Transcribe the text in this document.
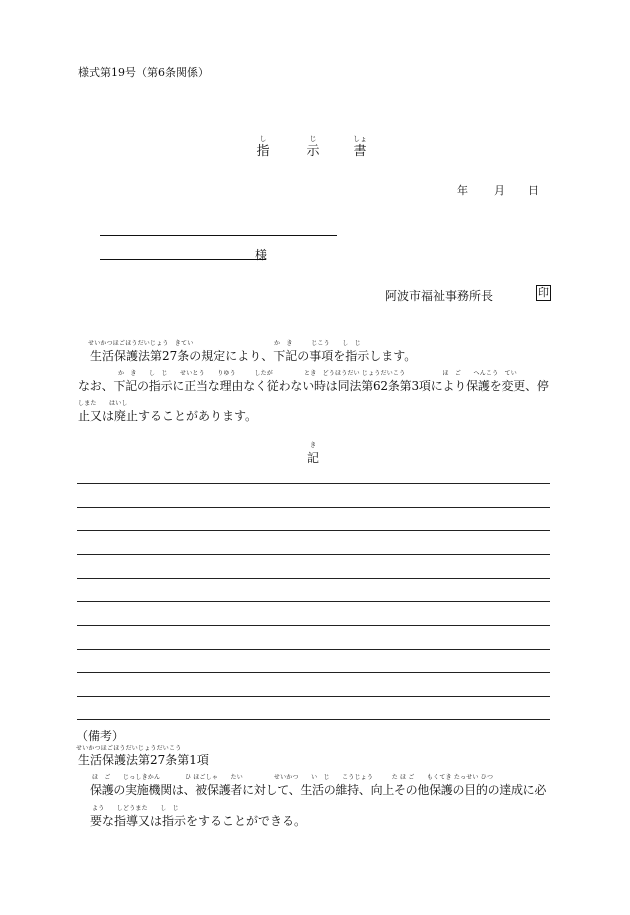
様式第19号（第6条関係）
し
指
じ
示
しょ
書
年 月 日
様
阿波市福祉事務所長	印
せいかつほごほうだいじょう　きてい　　　　　　　　　　　　　か　き　　　じこう　　し　じ
生活保護法第27条の規定により、下記の事項を指示します。
か　き　　し　じ　　せいとう　　りゆう　　　したが　　　　　とき　どうほうだい じょうだいこう　　　　　　ほ　ご　　へんこう　てい
なお、下記の指示に正当な理由なく従わない時は同法第62条第3項により保護を変更、停
しまた　　はいし
止又は廃止することがあります。
き
記
（備考）
せいかつほごほうだいじょうだいこう
生活保護法第27条第1項
ほ　ご　　じっしきかん　　　　ひ ほごしゃ　　たい　　　　　せいかつ　　い　じ　　こうじょう　　　た ほ ご　　もくてき たっせい ひつ
保護の実施機関は、被保護者に対して、生活の維持、向上その他保護の目的の達成に必
よう　　しどうまた　　し　じ
要な指導又は指示をすることができる。
